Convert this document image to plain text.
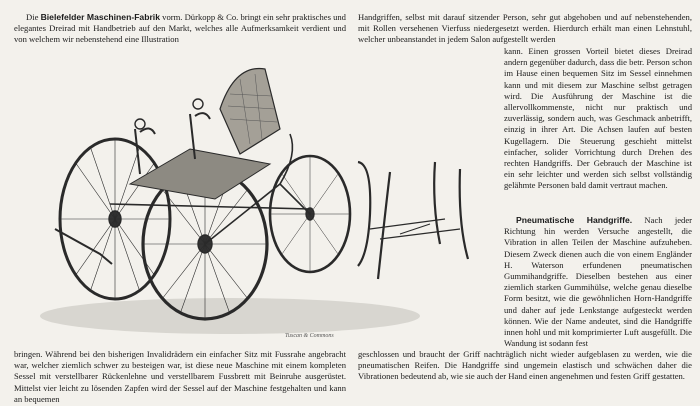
Die Bielefelder Maschinen-Fabrik vorm. Dürkopp & Co. bringt ein sehr praktisches und elegantes Dreirad mit Handbetrieb auf den Markt, welches alle Aufmerksamkeit verdient und von welchem wir nebenstehend eine Illustration

Handgriffen, selbst mit darauf sitzender Person, sehr gut abgehoben und auf nebenstehenden, mit Rollen versehenen Vierfuss niedergesetzt werden. Hierdurch erhält man einen Lehnstuhl, welcher unbeanstandet in jedem Salon aufgestellt werden

kann. Einen grossen Vorteil bietet dieses Dreirad andern gegenüber dadurch, dass die betr. Person schon im Hause einen bequemen Sitz im Sessel einnehmen kann und mit diesem zur Maschine selbst getragen wird. Die Ausführung der Maschine ist die allervollkommenste, nicht nur praktisch und zuverlässig, sondern auch, was Geschmack anbetrifft, einzig in ihrer Art. Die Achsen laufen auf besten Kugellagern. Die Steuerung geschieht mittelst einfacher, solider Vorrichtung durch Drehen des rechten Handgriffs. Der Gebrauch der Maschine ist ein sehr leichter und werden sich selbst vollständig gelähmte Personen bald damit vertraut machen.

Pneumatische Handgriffe. Nach jeder Richtung hin werden Versuche angestellt, die Vibration in allen Teilen der Maschine aufzuheben. Diesem Zweck dienen auch die von einem Engländer H. Waterson erfundenen pneumatischen Gummihandgriffe. Dieselben bestehen aus einer ziemlich starken Gummihülse, welche genau dieselbe Form besitzt, wie die gewöhnlichen Horn-Handgriffe und daher auf jede Lenkstange aufgesteckt werden können. Wie der Name andeutet, sind die Handgriffe innen hohl und mit komprimierter Luft ausgefüllt. Die Wandung ist sodann fest

Tuscan & Commons

bringen. Während bei den bisherigen Invalidrädern ein einfacher Sitz mit Fussrahe angebracht war, welcher ziemlich schwer zu besteigen war, ist diese neue Maschine mit einem kompleten Sessel mit verstellbarer Rückenlehne und verstellbarem Fussbrett mit Beinruhe ausgerüstet. Mittelst vier leicht zu lösenden Zapfen wird der Sessel auf der Maschine festgehalten und kann an bequemen

geschlossen und braucht der Griff nachträglich nicht wieder aufgeblasen zu werden, wie die pneumatischen Reifen. Die Handgriffe sind ungemein elastisch und schwächen daher die Vibrationen bedeutend ab, wie sie auch der Hand einen angenehmen und festen Griff gestatten.
